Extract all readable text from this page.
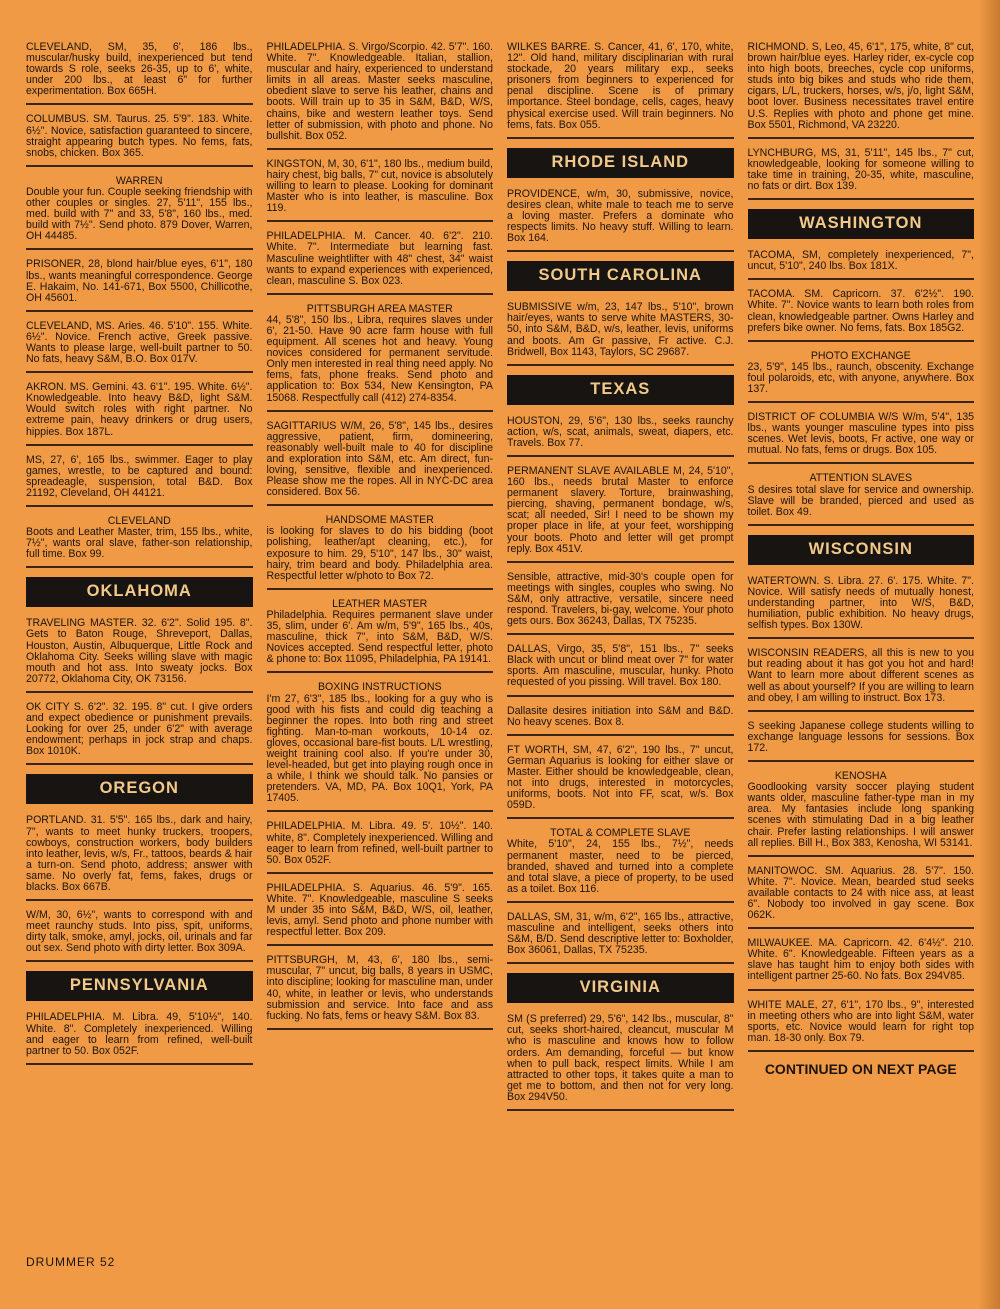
CLEVELAND, SM, 35, 6', 186 lbs., muscular/husky build, inexperienced but tend towards S role, seeks 26-35, up to 6', white, under 200 lbs., at least 6" for further experimentation. Box 665H.
COLUMBUS. SM. Taurus. 25. 5'9". 183. White. 6½". Novice, satisfaction guaranteed to sincere, straight appearing butch types. No fems, fats, snobs, chicken. Box 365.
WARREN
Double your fun. Couple seeking friendship with other couples or singles. 27, 5'11", 155 lbs., med. build with 7" and 33, 5'8", 160 lbs., med. build with 7½". Send photo. 879 Dover, Warren, OH 44485.
PRISONER, 28, blond hair/blue eyes, 6'1", 180 lbs., wants meaningful correspondence. George E. Hakaim, No. 141-671, Box 5500, Chillicothe, OH 45601.
CLEVELAND, MS. Aries. 46. 5'10". 155. White. 6½". Novice. French active, Greek passive. Wants to please large, well-built partner to 50. No fats, heavy S&M, B.O. Box 017V.
AKRON. MS. Gemini. 43. 6'1". 195. White. 6½". Knowledgeable. Into heavy B&D, light S&M. Would switch roles with right partner. No extreme pain, heavy drinkers or drug users, hippies. Box 187L.
MS, 27, 6', 165 lbs., swimmer. Eager to play games, wrestle, to be captured and bound: spreadeagle, suspension, total B&D. Box 21192, Cleveland, OH 44121.
CLEVELAND
Boots and Leather Master, trim, 155 lbs., white, 7½", wants oral slave, father-son relationship, full time. Box 99.
OKLAHOMA
TRAVELING MASTER. 32. 6'2". Solid 195. 8". Gets to Baton Rouge, Shreveport, Dallas, Houston, Austin, Albuquerque, Little Rock and Oklahoma City. Seeks willing slave with magic mouth and hot ass. Into sweaty jocks. Box 20772, Oklahoma City, OK 73156.
OK CITY S. 6'2". 32. 195. 8" cut. I give orders and expect obedience or punishment prevails. Looking for over 25, under 6'2" with average endowment; perhaps in jock strap and chaps. Box 1010K.
OREGON
PORTLAND. 31. 5'5". 165 lbs., dark and hairy, 7", wants to meet hunky truckers, troopers, cowboys, construction workers, body builders into leather, levis, w/s, Fr., tattoos, beards & hair a turn-on. Send photo, address; answer with same. No overly fat, fems, fakes, drugs or blacks. Box 667B.
W/M, 30, 6½", wants to correspond with and meet raunchy studs. Into piss, spit, uniforms, dirty talk, smoke, amyl, jocks, oil, urinals and far out sex. Send photo with dirty letter. Box 309A.
PENNSYLVANIA
PHILADELPHIA. M. Libra. 49, 5'10½", 140. White. 8". Completely inexperienced. Willing and eager to learn from refined, well-built partner to 50. Box 052F.
PHILADELPHIA. S. Virgo/Scorpio. 42. 5'7". 160. White. 7". Knowledgeable. Italian, stallion, muscular and hairy, experienced to understand limits in all areas. Master seeks masculine, obedient slave to serve his leather, chains and boots. Will train up to 35 in S&M, B&D, W/S, chains, bike and western leather toys. Send letter of submission, with photo and phone. No bullshit. Box 052.
KINGSTON, M, 30, 6'1", 180 lbs., medium build, hairy chest, big balls, 7" cut, novice is absolutely willing to learn to please. Looking for dominant Master who is into leather, is masculine. Box 119.
PHILADELPHIA. M. Cancer. 40. 6'2". 210. White. 7". Intermediate but learning fast. Masculine weightlifter with 48" chest, 34" waist wants to expand experiences with experienced, clean, masculine S. Box 023.
PITTSBURGH AREA MASTER
44, 5'8", 150 lbs., Libra, requires slaves under 6', 21-50. Have 90 acre farm house with full equipment. All scenes hot and heavy. Young novices considered for permanent servitude. Only men interested in real thing need apply. No fems, fats, phone freaks. Send photo and application to: Box 534, New Kensington, PA 15068. Respectfully call (412) 274-8354.
SAGITTARIUS W/M, 26, 5'8", 145 lbs., desires aggressive, patient, firm, domineering, reasonably well-built male to 40 for discipline and exploration into S&M, etc. Am direct, fun-loving, sensitive, flexible and inexperienced. Please show me the ropes. All in NYC-DC area considered. Box 56.
HANDSOME MASTER
is looking for slaves to do his bidding (boot polishing, leather/apt cleaning, etc.), for exposure to him. 29, 5'10", 147 lbs., 30" waist, hairy, trim beard and body. Philadelphia area. Respectful letter w/photo to Box 72.
LEATHER MASTER
Philadelphia. Requires permanent slave under 35, slim, under 6'. Am w/m, 5'9", 165 lbs., 40s, masculine, thick 7", into S&M, B&D, W/S. Novices accepted. Send respectful letter, photo & phone to: Box 11095, Philadelphia, PA 19141.
BOXING INSTRUCTIONS
I'm 27, 6'3", 185 lbs., looking for a guy who is good with his fists and could dig teaching a beginner the ropes. Into both ring and street fighting. Man-to-man workouts, 10-14 oz. gloves, occasional bare-fist bouts. L/L wrestling, weight training cool also. If you're under 30, level-headed, but get into playing rough once in a while, I think we should talk. No pansies or pretenders. VA, MD, PA. Box 10Q1, York, PA 17405.
PHILADELPHIA. M. Libra. 49. 5'. 10½". 140. white, 8". Completely inexperienced. Willing and eager to learn from refined, well-built partner to 50. Box 052F.
PHILADELPHIA. S. Aquarius. 46. 5'9". 165. White. 7". Knowledgeable, masculine S seeks M under 35 into S&M, B&D, W/S, oil, leather, levis, amyl. Send photo and phone number with respectful letter. Box 209.
PITTSBURGH, M, 43, 6', 180 lbs., semi-muscular, 7" uncut, big balls, 8 years in USMC, into discipline; looking for masculine man, under 40, white, in leather or levis, who understands submission and service. Into face and ass fucking. No fats, fems or heavy S&M. Box 83.
WILKES BARRE. S. Cancer, 41, 6', 170, white, 12". Old hand, military disciplinarian with rural stockade, 20 years military exp., seeks prisoners from beginners to experienced for penal discipline. Scene is of primary importance. Steel bondage, cells, cages, heavy physical exercise used. Will train beginners. No fems, fats. Box 055.
RHODE ISLAND
PROVIDENCE, w/m, 30, submissive, novice, desires clean, white male to teach me to serve a loving master. Prefers a dominate who respects limits. No heavy stuff. Willing to learn. Box 164.
SOUTH CAROLINA
SUBMISSIVE w/m, 23, 147 lbs., 5'10", brown hair/eyes, wants to serve white MASTERS, 30-50, into S&M, B&D, w/s, leather, levis, uniforms and boots. Am Gr passive, Fr active. C.J. Bridwell, Box 1143, Taylors, SC 29687.
TEXAS
HOUSTON, 29, 5'6", 130 lbs., seeks raunchy action, w/s, scat, animals, sweat, diapers, etc. Travels. Box 77.
PERMANENT SLAVE AVAILABLE M, 24, 5'10", 160 lbs., needs brutal Master to enforce permanent slavery. Torture, brainwashing, piercing, shaving, permanent bondage, w/s, scat; all needed, Sir! I need to be shown my proper place in life, at your feet, worshipping your boots. Photo and letter will get prompt reply. Box 451V.
Sensible, attractive, mid-30's couple open for meetings with singles, couples who swing. No S&M, only attractive, versatile, sincere need respond. Travelers, bi-gay, welcome. Your photo gets ours. Box 36243, Dallas, TX 75235.
DALLAS, Virgo, 35, 5'8", 151 lbs., 7" seeks Black with uncut or blind meat over 7" for water sports. Am masculine, muscular, hunky. Photo requested of you pissing. Will travel. Box 180.
Dallasite desires initiation into S&M and B&D. No heavy scenes. Box 8.
FT WORTH, SM, 47, 6'2", 190 lbs., 7" uncut, German Aquarius is looking for either slave or Master. Either should be knowledgeable, clean, not into drugs, interested in motorcycles, uniforms, boots. Not into FF, scat, w/s. Box 059D.
TOTAL & COMPLETE SLAVE
White, 5'10", 24, 155 lbs., 7½", needs permanent master, need to be pierced, branded, shaved and turned into a complete and total slave, a piece of property, to be used as a toilet. Box 116.
DALLAS, SM, 31, w/m, 6'2", 165 lbs., attractive, masculine and intelligent, seeks others into S&M, B/D. Send descriptive letter to: Boxholder, Box 36061, Dallas, TX 75235.
VIRGINIA
SM (S preferred) 29, 5'6", 142 lbs., muscular, 8" cut, seeks short-haired, cleancut, muscular M who is masculine and knows how to follow orders. Am demanding, forceful — but know when to pull back, respect limits. While I am attracted to other tops, it takes quite a man to get me to bottom, and then not for very long. Box 294V50.
RICHMOND. S, Leo, 45, 6'1", 175, white, 8" cut, brown hair/blue eyes. Harley rider, ex-cycle cop into high boots, breeches, cycle cop uniforms, studs into big bikes and studs who ride them, cigars, L/L, truckers, horses, w/s, j/o, light S&M, boot lover. Business necessitates travel entire U.S. Replies with photo and phone get mine. Box 5501, Richmond, VA 23220.
LYNCHBURG, MS, 31, 5'11", 145 lbs., 7" cut, knowledgeable, looking for someone willing to take time in training, 20-35, white, masculine, no fats or dirt. Box 139.
WASHINGTON
TACOMA, SM, completely inexperienced, 7", uncut, 5'10", 240 lbs. Box 181X.
TACOMA. SM. Capricorn. 37. 6'2½". 190. White. 7". Novice wants to learn both roles from clean, knowledgeable partner. Owns Harley and prefers bike owner. No fems, fats. Box 185G2.
PHOTO EXCHANGE
23, 5'9", 145 lbs., raunch, obscenity. Exchange foul polaroids, etc, with anyone, anywhere. Box 137.
DISTRICT OF COLUMBIA W/S W/m, 5'4", 135 lbs., wants younger masculine types into piss scenes. Wet levis, boots, Fr active, one way or mutual. No fats, fems or drugs. Box 105.
ATTENTION SLAVES
S desires total slave for service and ownership. Slave will be branded, pierced and used as toilet. Box 49.
WISCONSIN
WATERTOWN. S. Libra. 27. 6'. 175. White. 7". Novice. Will satisfy needs of mutually honest, understanding partner, into W/S, B&D, humiliation, public exhibition. No heavy drugs, selfish types. Box 130W.
WISCONSIN READERS, all this is new to you but reading about it has got you hot and hard! Want to learn more about different scenes as well as about yourself? If you are willing to learn and obey, I am willing to instruct. Box 173.
S seeking Japanese college students willing to exchange language lessons for sessions. Box 172.
KENOSHA
Goodlooking varsity soccer playing student wants older, masculine father-type man in my area. My fantasies include long spanking scenes with stimulating Dad in a big leather chair. Prefer lasting relationships. I will answer all replies. Bill H., Box 383, Kenosha, WI 53141.
MANITOWOC. SM. Aquarius. 28. 5'7". 150. White. 7". Novice. Mean, bearded stud seeks available contacts to 24 with nice ass, at least 6". Nobody too involved in gay scene. Box 062K.
MILWAUKEE. MA. Capricorn. 42. 6'4½". 210. White. 6". Knowledgeable. Fifteen years as a slave has taught him to enjoy both sides with intelligent partner 25-60. No fats. Box 294V85.
WHITE MALE, 27, 6'1", 170 lbs., 9", interested in meeting others who are into light S&M, water sports, etc. Novice would learn for right top man. 18-30 only. Box 79.
CONTINUED ON NEXT PAGE
DRUMMER 52
